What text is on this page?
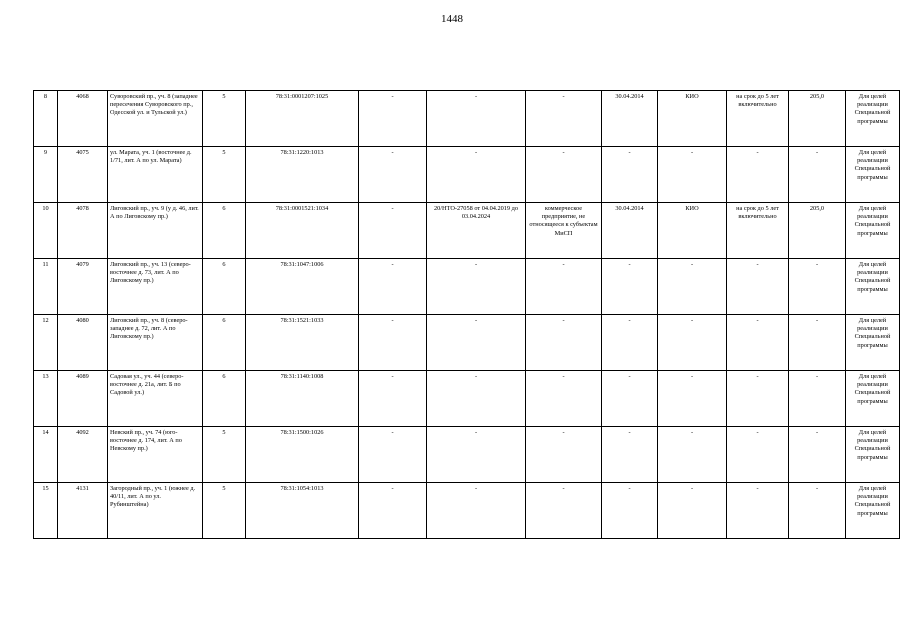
1448
8	4068	Суворовский пр., уч. 8 (западнее пересечения Суворовского пр., Одесской ул. и Тульской ул.)	5	78:31:0001207:1025	-	-	-	30.04.2014	КИО	на срок до 5 лет включительно	205,0	Для целей реализации Специальной программы
9	4075	ул. Марата, уч. 1 (восточнее д. 1/71, лит. А по ул. Марата)	5	78:31:1220:1013	-	-	-	-	-	-	-	Для целей реализации Специальной программы
10	4078	Лиговский пр., уч. 9 (у д. 46, лит. А по Лиговскому пр.)	6	78:31:0001521:1034	-	20/НТО-27058 от 04.04.2019 до 03.04.2024	коммерческое предприятие, не относящееся к субъектам МиСП	30.04.2014	КИО	на срок до 5 лет включительно	205,0	Для целей реализации Специальной программы
11	4079	Лиговский пр., уч. 13 (северо-восточнее д. 73, лит. А по Лиговскому пр.)	6	78:31:1047:1006	-	-	-	-	-	-	-	Для целей реализации Специальной программы
12	4080	Лиговский пр., уч. 8 (северо-западнее д. 72, лит. А по Лиговскому пр.)	6	78:31:1521:1033	-	-	-	-	-	-	-	Для целей реализации Специальной программы
13	4089	Садовая ул., уч. 44 (северо-восточнее д. 21а, лит. Б по Садовой ул.)	6	78:31:1140:1008	-	-	-	-	-	-	-	Для целей реализации Специальной программы
14	4092	Невский пр., уч. 74 (юго-восточнее д. 174, лит. А по Невскому пр.)	5	78:31:1500:1026	-	-	-	-	-	-	-	Для целей реализации Специальной программы
15	4131	Загородный пр., уч. 1 (южнее д. 40/11, лит. А по ул. Рубинштейна)	5	78:31:1054:1013	-	-	-	-	-	-	-	Для целей реализации Специальной программы
